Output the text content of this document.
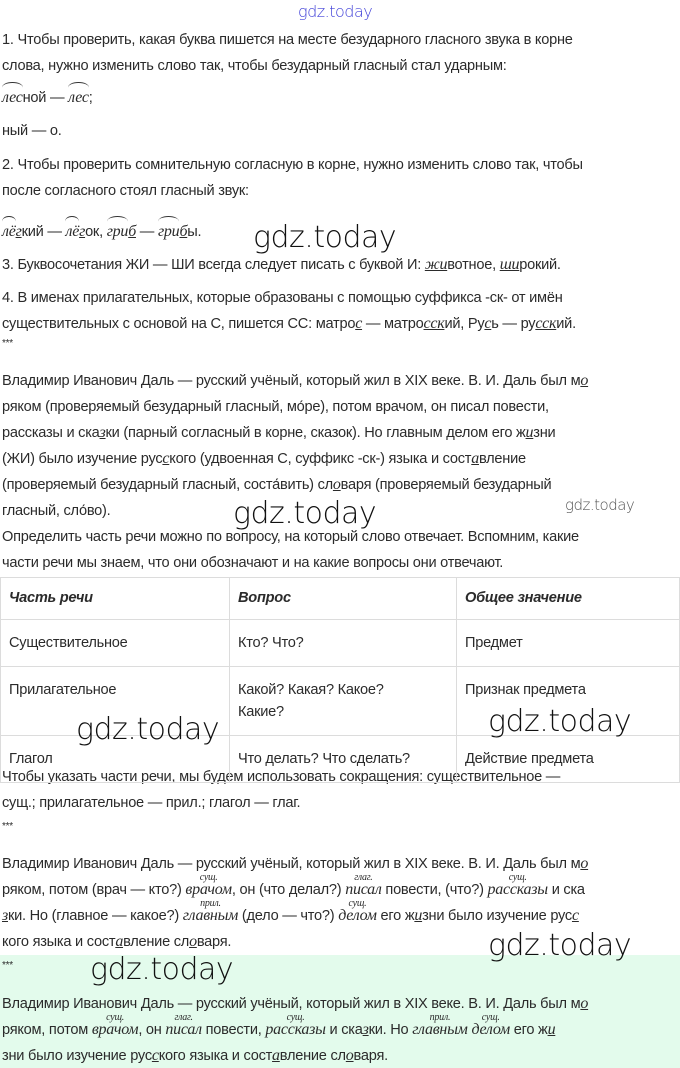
1. Чтобы проверить, какая буква пишется на месте безударного гласного звука в корне
слова, нужно изменить слово так, чтобы безударный гласный стал ударным:
лесной — лес;
ный — о.
2. Чтобы проверить сомнительную согласную в корне, нужно изменить слово так, чтобы
после согласного стоял гласный звук:
лёгкий — лёгок, гриб — грибы.
3. Буквосочетания ЖИ — ШИ всегда следует писать с буквой И: животное, широкий.
4. В именах прилагательных, которые образованы с помощью суффикса -ск- от имён
существительных с основой на С, пишется СС: матрос — матросский, Русь — русский.
***
Владимир Иванович Даль — русский учёный, который жил в XIX веке. В. И. Даль был мо
ряком (проверяемый безударный гласный, мо́ре), потом врачом, он писал повести,
рассказы и сказки (парный согласный в корне, сказок). Но главным делом его жизни
(ЖИ) было изучение русского (удвоенная С, суффикс -ск-) языка и составление
(проверяемый безударный гласный, соста́вить) словаря (проверяемый безударный
гласный, сло́во).
Определить часть речи можно по вопросу, на который слово отвечает. Вспомним, какие
части речи мы знаем, что они обозначают и на какие вопросы они отвечают.
Чтобы указать части речи, мы будем использовать сокращения: существительное —
сущ.; прилагательное — прил.; глагол — глаг.
***
Владимир Иванович Даль — русский учёный, который жил в XIX веке. В. И. Даль был мо
ряком, потом (врач — кто?)
сущ.
врачом, он (что делал?)
глаг.
писал повести, (что?)
сущ.
рассказы и ска
зки. Но (главное — какое?)
прил.
главным (дело — что?)
сущ.
делом его жизни было изучение русс
кого языка и составление словаря.
***
Владимир Иванович Даль — русский учёный, который жил в XIX веке. В. И. Даль был мо
ряком, потом
сущ.
врачом, он
глаг.
писал повести,
сущ.
рассказы и сказки. Но
прил.
главным
сущ.
делом его жи
зни было изучение русского языка и составление словаря.
Часть речи	Вопрос	Общее значение
Существительное	Кто? Что?	Предмет
Прилагательное	Какой? Какая? Какое? Какие?	Признак предмета
Глагол	Что делать? Что сделать?	Действие предмета
gdz.today
gdz.today
gdz.today	gdz.today
gdz.today	gdz.today
gdz.today
gdz.today
